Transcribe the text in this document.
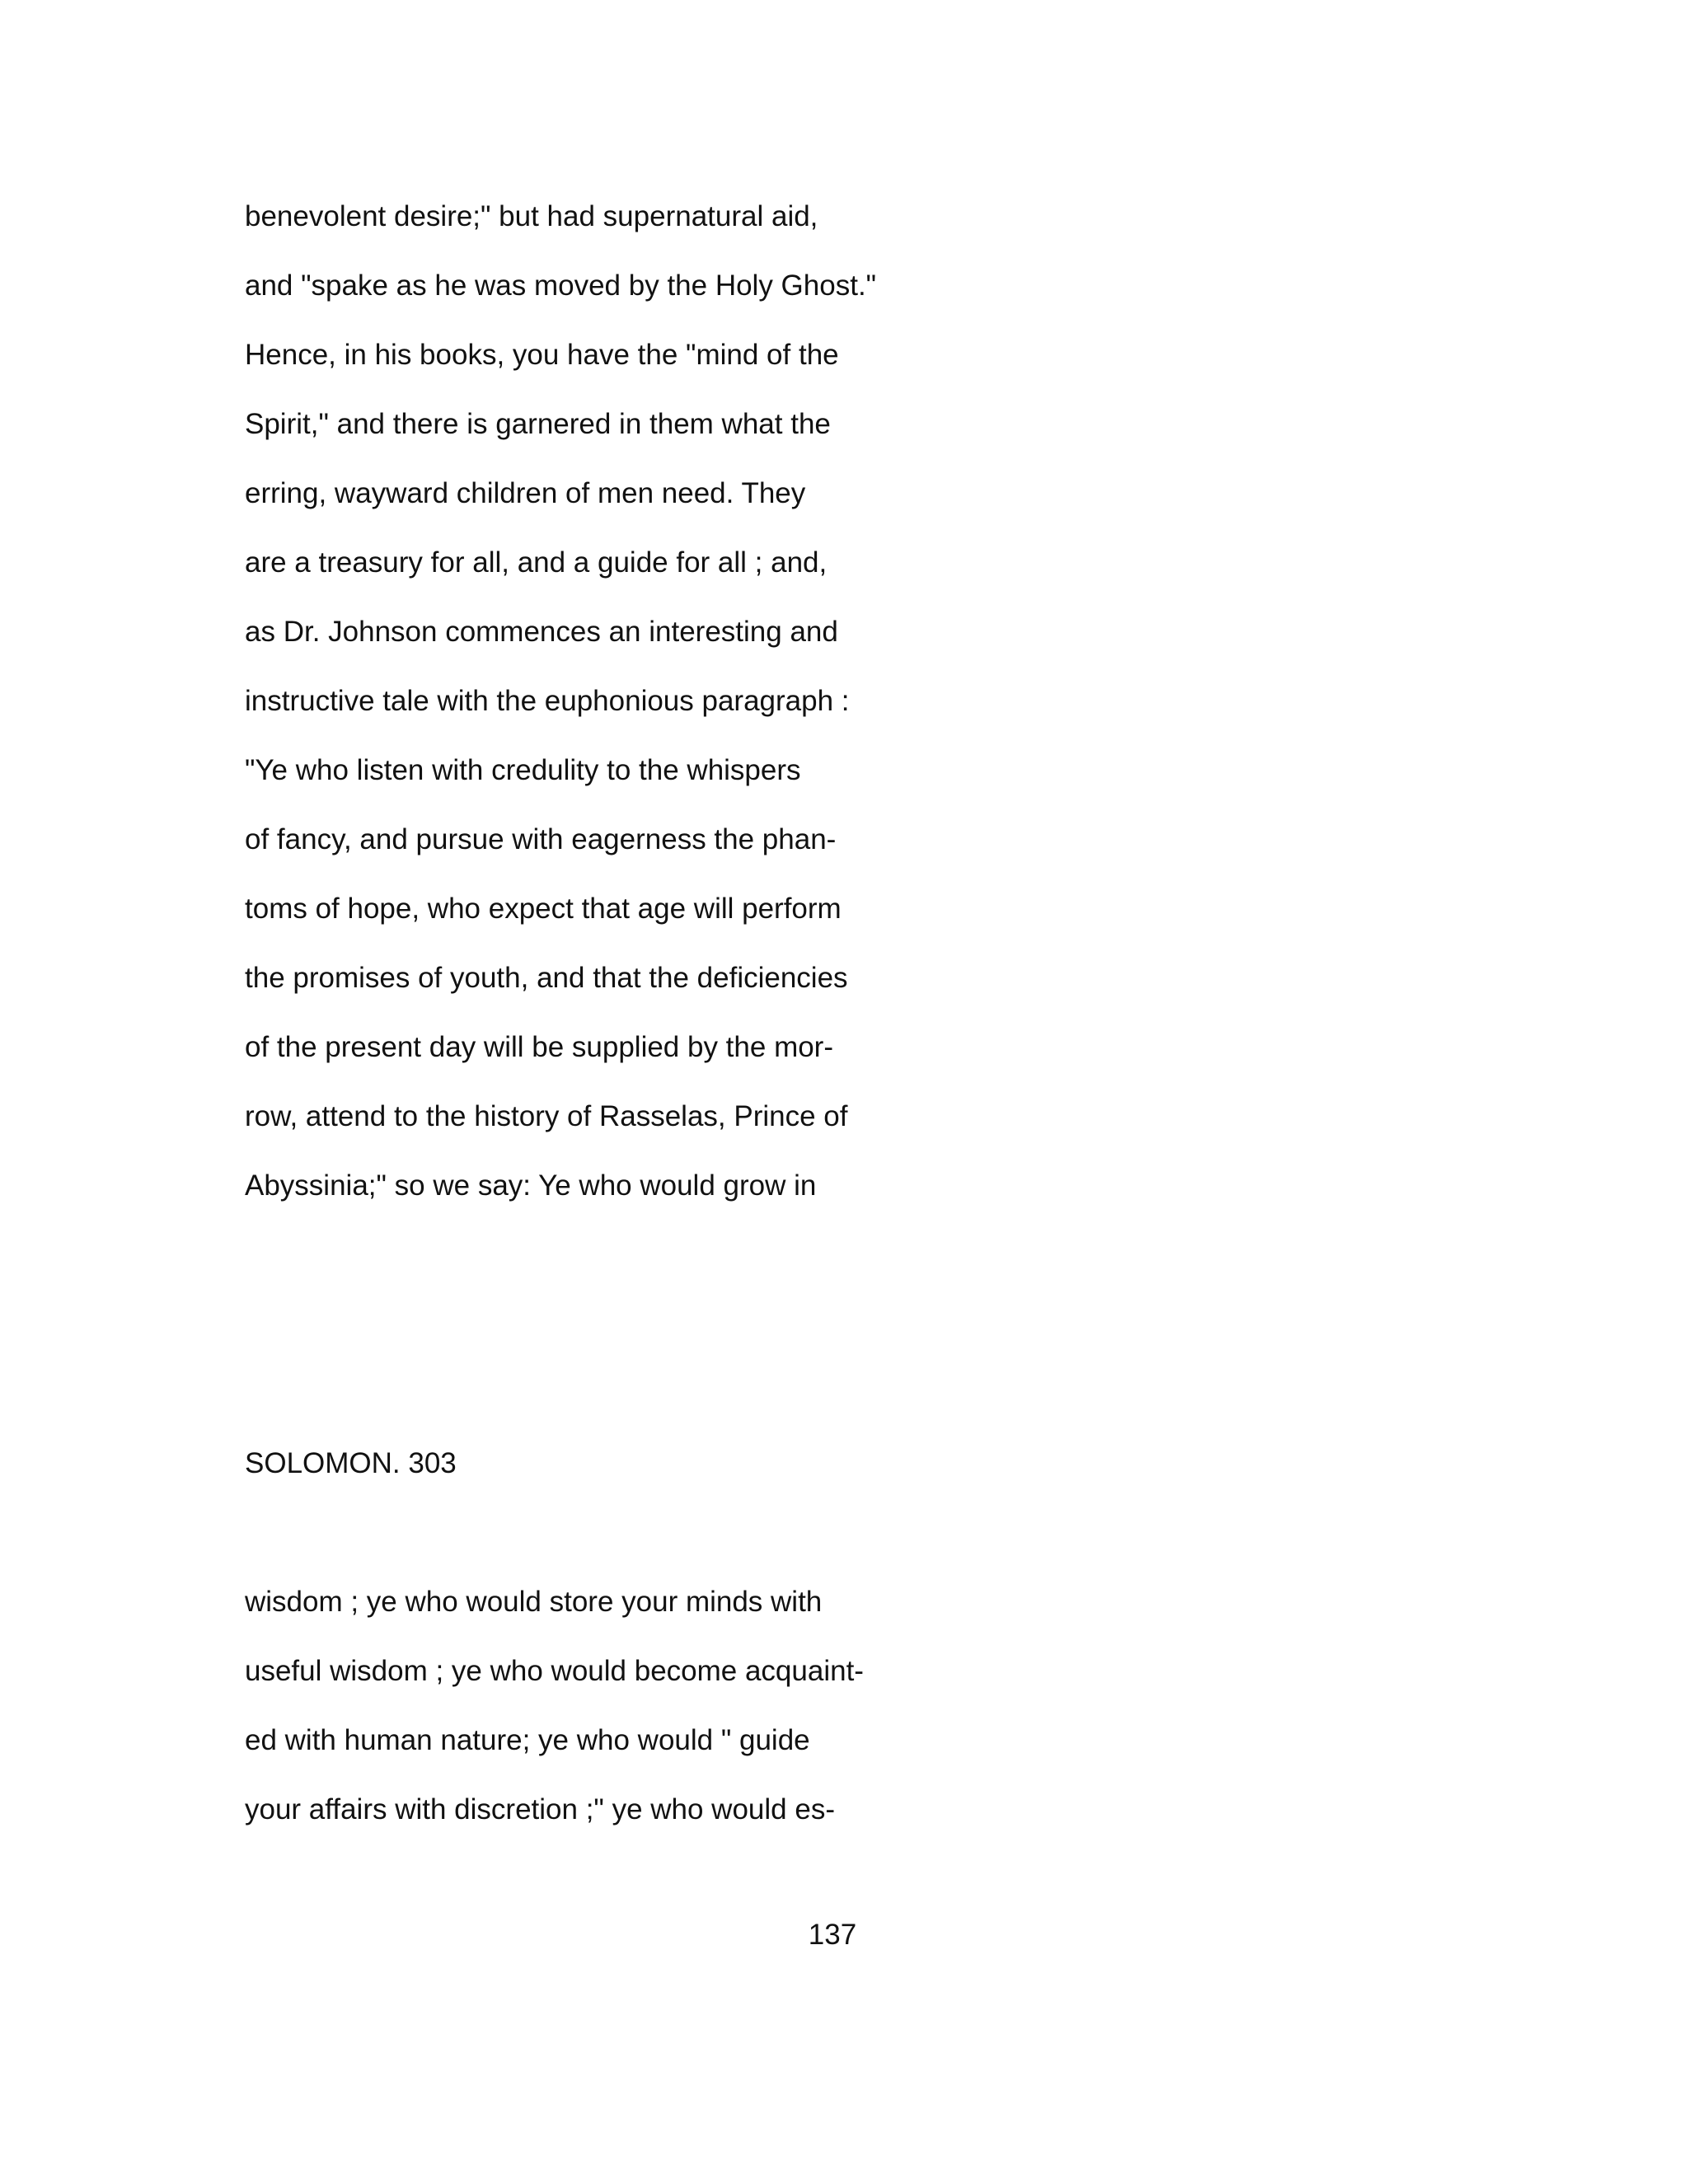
benevolent desire;" but had supernatural aid,

and "spake as he was moved by the Holy Ghost."

Hence, in his books, you have the "mind of the

Spirit," and there is garnered in them what the

erring, wayward children of men need. They

are a treasury for all, and a guide for all ; and,

as Dr. Johnson commences an interesting and

instructive tale with the euphonious paragraph :

"Ye who listen with credulity to the whispers

of fancy, and pursue with eagerness the phan-

toms of hope, who expect that age will perform

the promises of youth, and that the deficiencies

of the present day will be supplied by the mor-

row, attend to the history of Rasselas, Prince of

Abyssinia;" so we say: Ye who would grow in

SOLOMON. 303

wisdom ; ye who would store your minds with

useful wisdom ; ye who would become acquaint-

ed with human nature; ye who would " guide

your affairs with discretion ;" ye who would es-

137
